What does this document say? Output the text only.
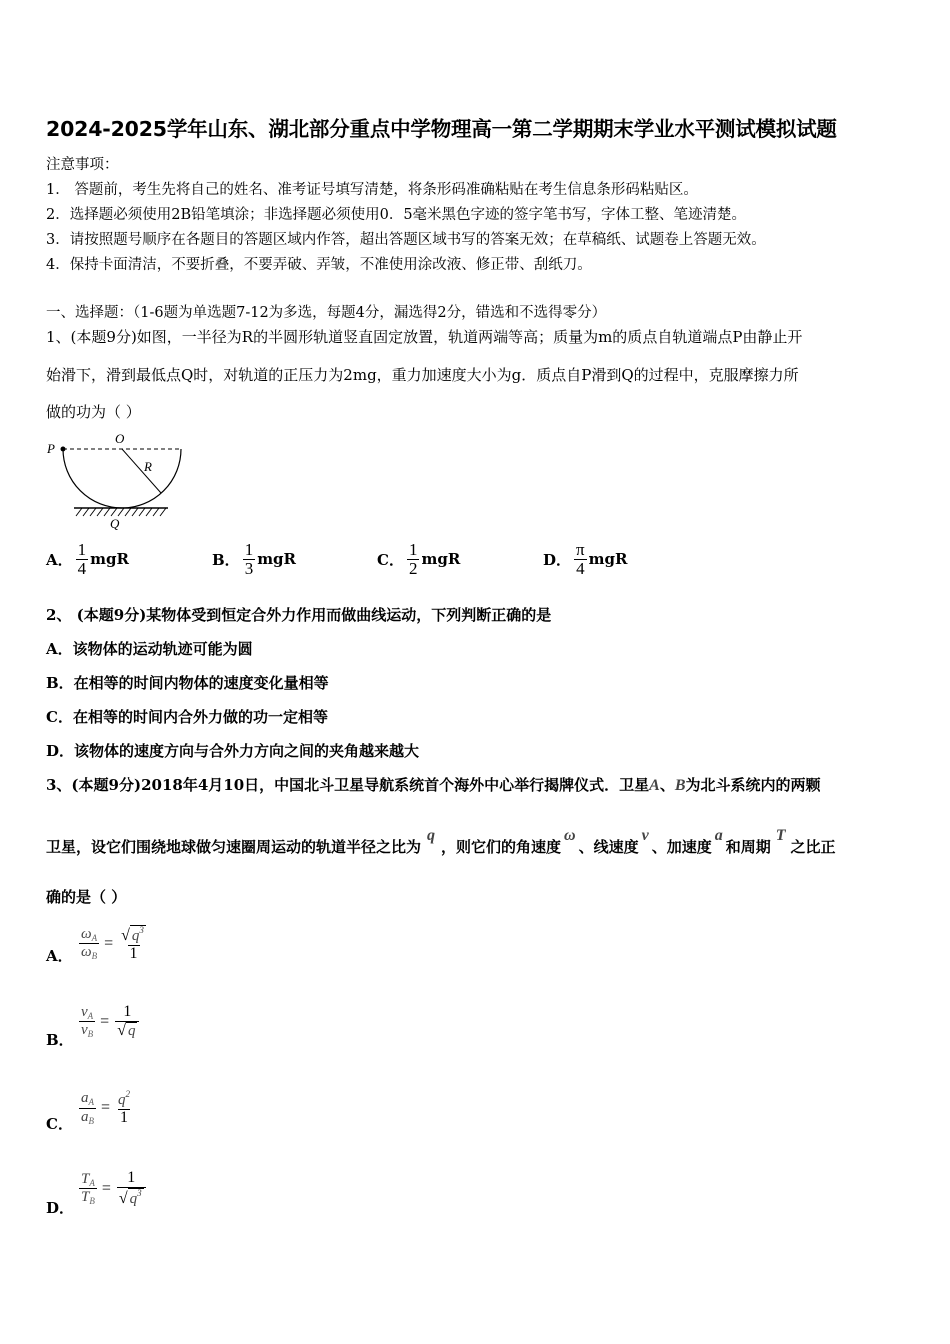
2024-2025学年山东、湖北部分重点中学物理高一第二学期期末学业水平测试模拟试题
注意事项：
1． 答题前，考生先将自己的姓名、准考证号填写清楚，将条形码准确粘贴在考生信息条形码粘贴区。
2．选择题必须使用2B铅笔填涂；非选择题必须使用0．5毫米黑色字迹的签字笔书写，字体工整、笔迹清楚。
3．请按照题号顺序在各题目的答题区域内作答，超出答题区域书写的答案无效；在草稿纸、试题卷上答题无效。
4．保持卡面清洁，不要折叠，不要弄破、弄皱，不准使用涂改液、修正带、刮纸刀。
一、选择题：（1-6题为单选题7-12为多选，每题4分，漏选得2分，错选和不选得零分）
1、(本题9分)如图，一半径为R的半圆形轨道竖直固定放置，轨道两端等高；质量为m的质点自轨道端点P由静止开
始滑下，滑到最低点Q时，对轨道的正压力为2mg，重力加速度大小为g．质点自P滑到Q的过程中，克服摩擦力所
做的功为（ ）
P
O
R
Q
A． $\frac{1}{4}$ mgR	B． $\frac{1}{3}$ mgR	C． $\frac{1}{2}$ mgR	D． $\frac{\pi}{4}$ mgR
2、 (本题9分)某物体受到恒定合外力作用而做曲线运动，下列判断正确的是
A．该物体的运动轨迹可能为圆
B．在相等的时间内物体的速度变化量相等
C．在相等的时间内合外力做的功一定相等
D．该物体的速度方向与合外力方向之间的夹角越来越大
3、(本题9分)2018年4月10日，中国北斗卫星导航系统首个海外中心举行揭牌仪式．卫星A、B为北斗系统内的两颗
卫星，设它们围绕地球做匀速圈周运动的轨道半径之比为q，则它们的角速度ω、线速度v、加速度a和周期T之比正
确的是（ ）
A． $\frac{\omega_A}{\omega_B} = \frac{√ q^3}{1}$
B．
$\frac{v_A}{v_B} = \frac{1}{√ q}$
C． $\frac{a_A}{a_B} = \frac{q^2}{1}$
D．
$\frac{T_A}{T_B} = \frac{1}{√ q^3}$
